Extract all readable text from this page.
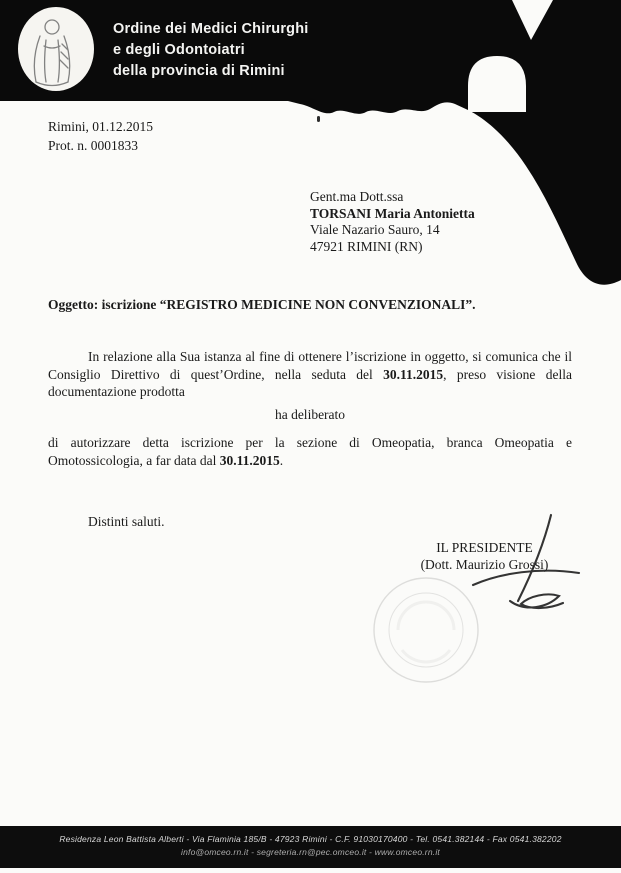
Ordine dei Medici Chirurghi
e degli Odontoiatri
della provincia di Rimini
Rimini, 01.12.2015
Prot. n. 0001833
Gent.ma Dott.ssa
TORSANI Maria Antonietta
Viale Nazario Sauro, 14
47921 RIMINI (RN)
Oggetto: iscrizione “REGISTRO MEDICINE NON CONVENZIONALI”.

In relazione alla Sua istanza al fine di ottenere l’iscrizione in oggetto, si comunica che il Consiglio Direttivo di quest’Ordine, nella seduta del 30.11.2015, preso visione della documentazione prodotta

ha deliberato

di autorizzare detta iscrizione per la sezione di Omeopatia, branca Omeopatia e Omotossicologia, a far data dal 30.11.2015.

Distinti saluti.
IL PRESIDENTE
(Dott. Maurizio Grossi)
Residenza Leon Battista Alberti - Via Flaminia 185/B - 47923 Rimini - C.F. 91030170400 - Tel. 0541.382144 - Fax 0541.382202
info@omceo.rn.it - segreteria.rn@pec.omceo.it - www.omceo.rn.it
